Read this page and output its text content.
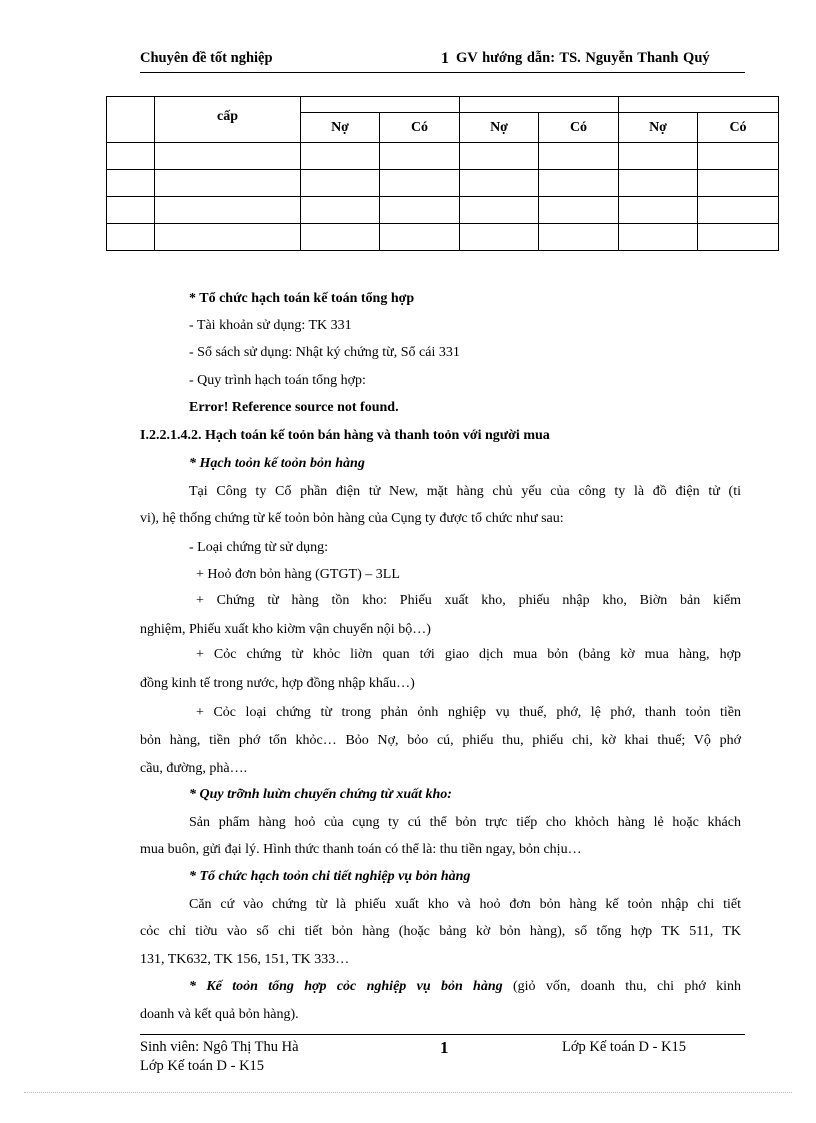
Chuyên đề tốt nghiệp	1 GV hướng dẫn: TS. Nguyễn Thanh Quý
	cấp						
		Nợ	Có	Nợ	Có	Nợ	Có

* Tổ chức hạch toán kế toán tổng hợp
- Tài khoản sử dụng: TK 331
- Sổ sách sử dụng: Nhật ký chứng từ, Sổ cái 331
- Quy trình hạch toán tổng hợp:
Error! Reference source not found.
I.2.2.1.4.2. Hạch toán kế toỏn bán hàng và thanh toỏn với người mua
* Hạch toỏn kế toỏn bỏn hàng
Tại Công ty Cổ phần điện tử New, mặt hàng chủ yếu của công ty là đồ điện tử (ti
vi), hệ thống chứng từ kế toỏn bỏn hàng của Cụng ty được tổ chức như sau:
- Loại chứng từ sử dụng:
+ Hoỏ đơn bỏn hàng (GTGT) – 3LL
+ Chứng từ hàng tồn kho: Phiếu xuất kho, phiếu nhập kho, Biờn bản kiểm
nghiệm, Phiếu xuất kho kiờm vận chuyển nội bộ…)
+ Cỏc chứng từ khỏc liờn quan tới giao dịch mua bỏn (bảng kờ mua hàng, hợp
đồng kinh tế trong nước, hợp đồng nhập khẩu…)
+ Cỏc loại chứng từ trong phản ỏnh nghiệp vụ thuế, phớ, lệ phớ, thanh toỏn tiền
bỏn hàng, tiền phớ tổn khỏc… Bỏo Nợ, bỏo cú, phiếu thu, phiếu chi, kờ khai thuế; Vộ phớ
cầu, đường, phà….
* Quy trỡnh luừn chuyển chứng từ xuất kho:
Sản phẩm hàng hoỏ của cụng ty cú thể bỏn trực tiếp cho khỏch hàng lẻ hoặc khách
mua buôn, gửi đại lý. Hình thức thanh toán có thể là: thu tiền ngay, bỏn chịu…
* Tổ chức hạch toỏn chi tiết nghiệp vụ bỏn hàng
Căn cứ vào chứng từ là phiếu xuất kho và hoỏ đơn bỏn hàng kế toỏn nhập chi tiết
cỏc chỉ tiờu vào sổ chi tiết bỏn hàng (hoặc bảng kờ bỏn hàng), sổ tổng hợp TK 511, TK
131, TK632, TK 156, 151, TK 333…
* Kế toỏn tổng hợp cỏc nghiệp vụ bỏn hàng (giỏ vốn, doanh thu, chi phớ kinh
doanh và kết quả bỏn hàng).
Sinh viên: Ngô Thị Thu Hà	1	Lớp Kế toán D - K15
Lớp Kế toán D - K15
